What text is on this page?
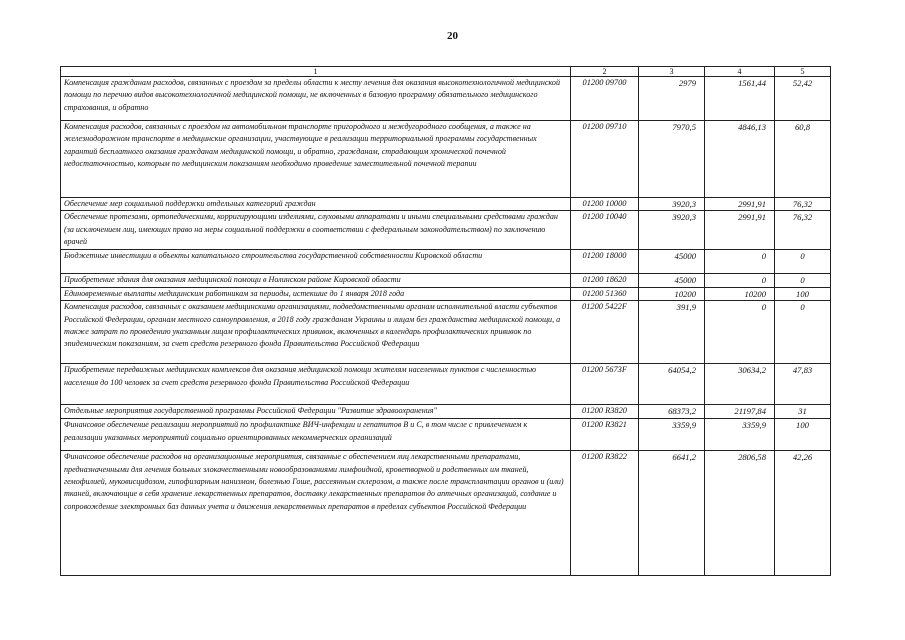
20
1	2	3	4	5
Компенсация гражданам расходов, связанных с проездом за пределы области к месту лечения для оказания высокотехнологичной медицинской помощи по перечню видов высокотехнологичной медицинской помощи, не включенных в базовую программу обязательного медицинского страхования, и обратно	01200 09700	2979	1561,44	52,42
Компенсация расходов, связанных с проездом на автомобильном транспорте пригородного и междугородного сообщения, а также на железнодорожном транспорте в медицинские организации, участвующие в реализации территориальной программы государственных гарантий бесплатного оказания гражданам медицинской помощи, и обратно, гражданам, страдающим хронической почечной недостаточностью, которым по медицинским показаниям необходимо проведение заместительной почечной терапии	01200 09710	7970,5	4846,13	60,8
Обеспечение мер социальной поддержки отдельных категорий граждан	01200 10000	3920,3	2991,91	76,32
Обеспечение протезами, ортопедическими, корригирующими изделиями, слуховыми аппаратами и иными специальными средствами граждан (за исключением лиц, имеющих право на меры социальной поддержки в соответствии с федеральным законодательством) по заключению врачей	01200 10040	3920,3	2991,91	76,32
Бюджетные инвестиции в объекты капитального строительства государственной собственности Кировской области	01200 18000	45000	0	0
Приобретение здания для оказания медицинской помощи в Нолинском районе Кировской области	01200 18620	45000	0	0
Единовременные выплаты медицинским работникам за периоды, истекшие до 1 января 2018 года	01200 51360	10200	10200	100
Компенсация расходов, связанных с оказанием медицинскими организациями, подведомственными органам исполнительной власти субъектов Российской Федерации, органам местного самоуправления, в 2018 году гражданам Украины и лицам без гражданства медицинской помощи, а также затрат по проведению указанным лицам профилактических прививок, включенных в календарь профилактических прививок по эпидемическим показаниям, за счет средств резервного фонда Правительства Российской Федерации	01200 5422F	391,9	0	0
Приобретение передвижных медицинских комплексов для оказания медицинской помощи жителям населенных пунктов с численностью населения до 100 человек за счет средств резервного фонда Правительства Российской Федерации	01200 5673F	64054,2	30634,2	47,83
Отдельные мероприятия государственной программы Российской Федерации "Развитие здравоохранения"	01200 R3820	68373,2	21197,84	31
Финансовое обеспечение реализации мероприятий по профилактике ВИЧ-инфекции и гепатитов B и C, в том числе с привлечением к реализации указанных мероприятий социально ориентированных некоммерческих организаций	01200 R3821	3359,9	3359,9	100
Финансовое обеспечение расходов на организационные мероприятия, связанные с обеспечением лиц лекарственными препаратами, предназначенными для лечения больных злокачественными новообразованиями лимфоидной, кроветворной и родственных им тканей, гемофилией, муковисцидозом, гипофизарным нанизмом, болезнью Гоше, рассеянным склерозом, а также после трансплантации органов и (или) тканей, включающие в себя хранение лекарственных препаратов, доставку лекарственных препаратов до аптечных организаций, создание и сопровождение электронных баз данных учета и движения лекарственных препаратов в пределах субъектов Российской Федерации	01200 R3822	6641,2	2806,58	42,26
